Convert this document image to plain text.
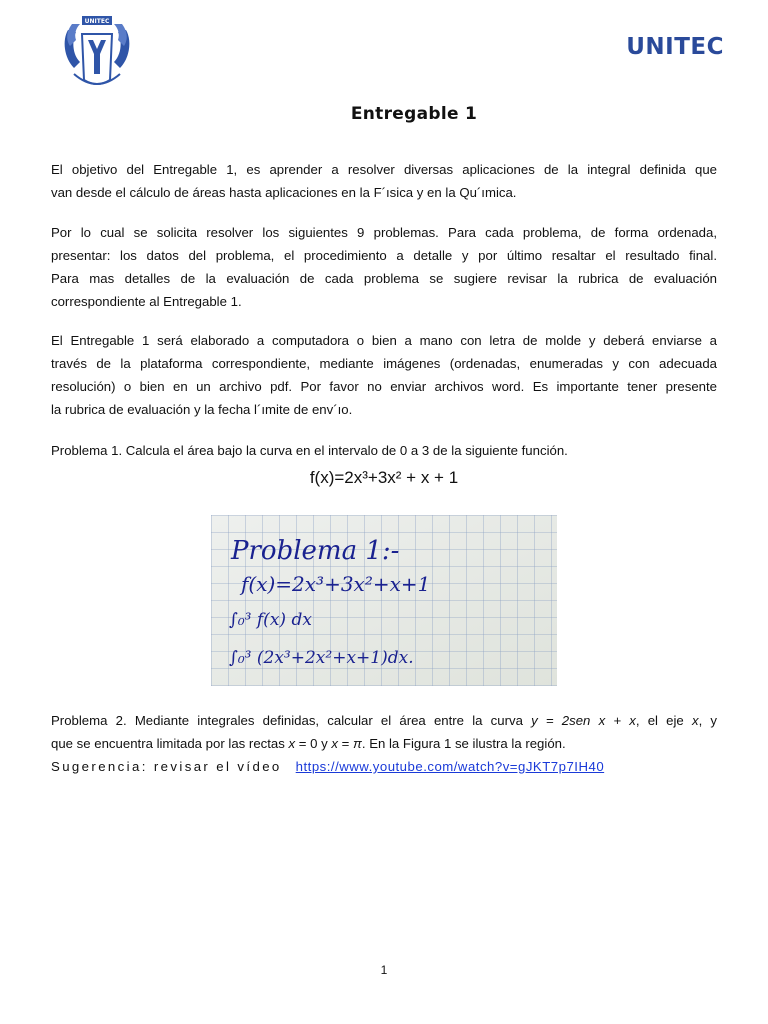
UNITEC
UNITEC
Entregable 1
El objetivo del Entregable 1, es aprender a resolver diversas aplicaciones de la integral definida que
van desde el cálculo de áreas hasta aplicaciones en la F´ısica y en la Qu´ımica.
Por lo cual se solicita resolver los siguientes 9 problemas. Para cada problema, de forma ordenada,
presentar: los datos del problema, el procedimiento a detalle y por último resaltar el resultado final.
Para mas detalles de la evaluación de cada problema se sugiere revisar la rubrica de evaluación
correspondiente al Entregable 1.
El Entregable 1 será elaborado a computadora o bien a mano con letra de molde y deberá enviarse a
través de la plataforma correspondiente, mediante imágenes (ordenadas, enumeradas y con adecuada
resolución) o bien en un archivo pdf. Por favor no enviar archivos word. Es importante tener presente
la rubrica de evaluación y la fecha l´ımite de env´ıo.
Problema 1. Calcula el área bajo la curva en el intervalo de 0 a 3 de la siguiente función.
f(x)=2x³+3x² + x + 1
Problema 1:-
f(x)=2x³+3x²+x+1
∫₀³ f(x) dx
∫₀³ (2x³+2x²+x+1)dx.
Problema 2. Mediante integrales definidas, calcular el área entre la curva y = 2sen x + x, el eje x, y
que se encuentra limitada por las rectas x = 0 y x = π. En la Figura 1 se ilustra la región.
Sugerencia: revisar el vídeo https://www.youtube.com/watch?v=gJKT7p7IH40
1
